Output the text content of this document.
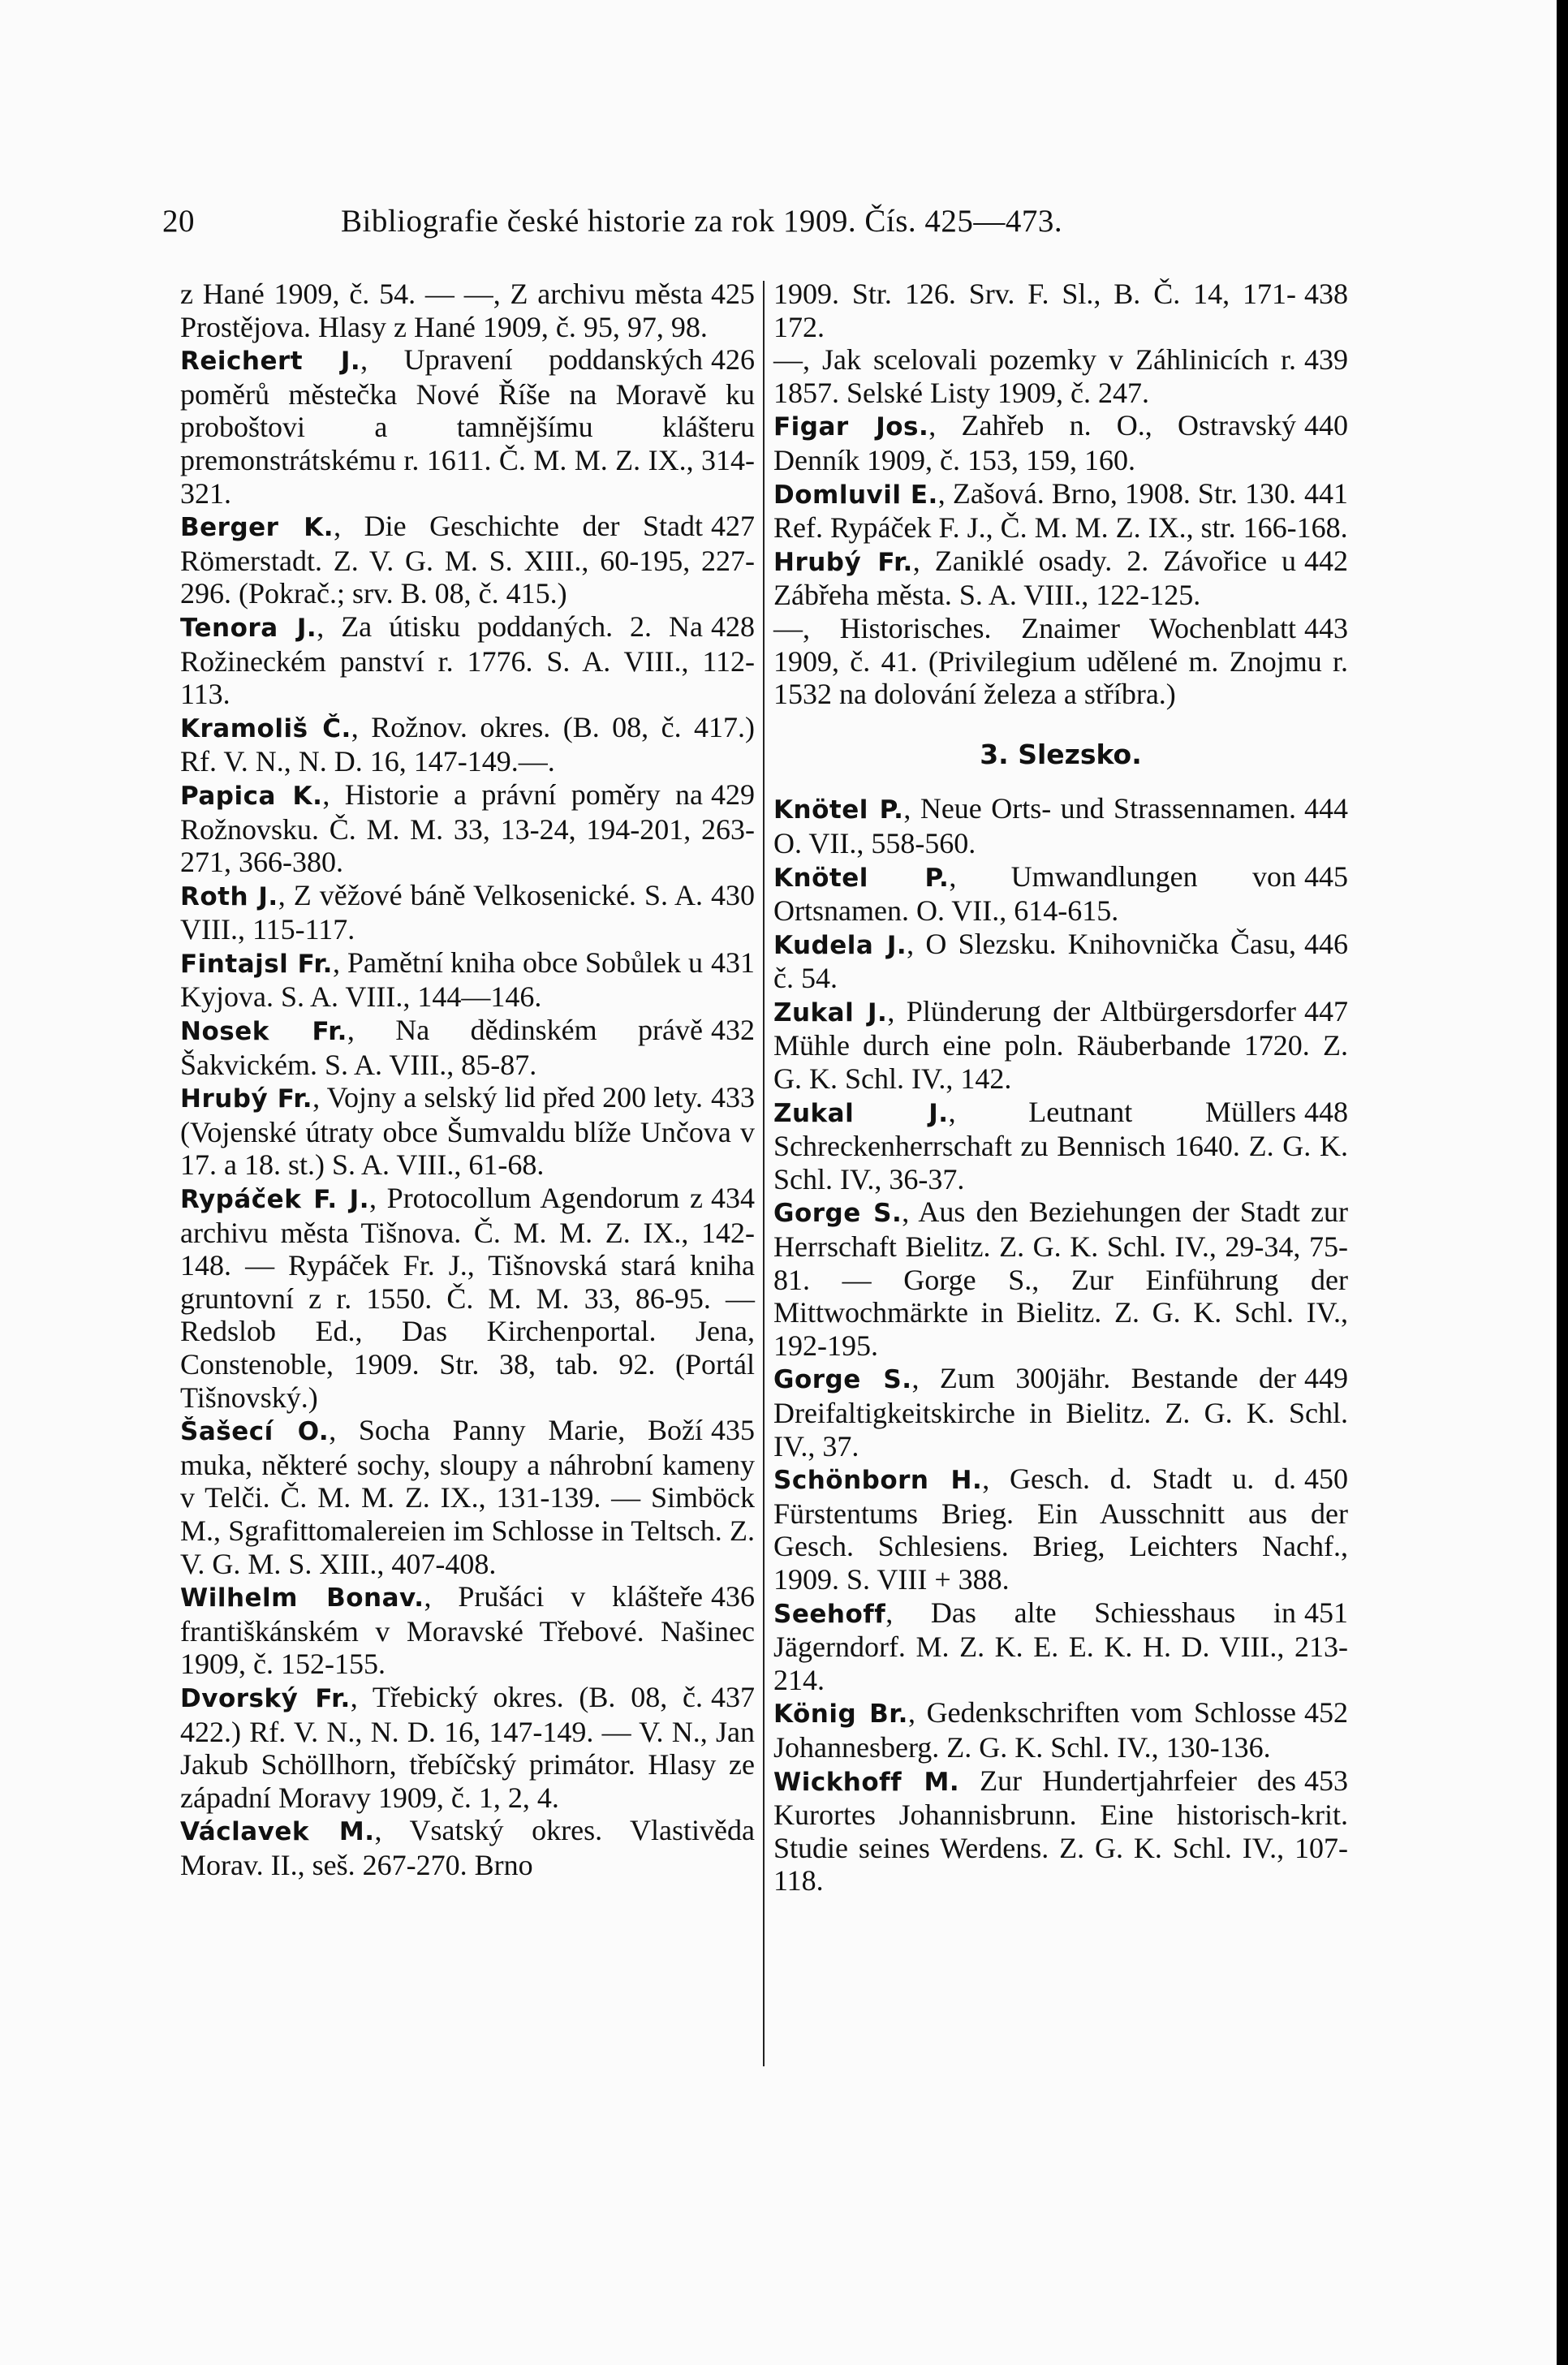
20	Bibliografie české historie za rok 1909. Čís. 425—473.
425
z Hané 1909, č. 54. — —, Z archivu města Prostějova. Hlasy z Hané 1909, č. 95, 97, 98.
426
Reichert J., Upravení poddanských poměrů městečka Nové Říše na Moravě ku proboštovi a tamnějšímu klášteru premonstrátskému r. 1611. Č. M. M. Z. IX., 314-321.
427
Berger K., Die Geschichte der Stadt Römerstadt. Z. V. G. M. S. XIII., 60-195, 227-296. (Pokrač.; srv. B. 08, č. 415.)
428
Tenora J., Za útisku poddaných. 2. Na Rožineckém panství r. 1776. S. A. VIII., 112-113.
Kramoliš Č., Rožnov. okres. (B. 08, č. 417.) Rf. V. N., N. D. 16, 147-149.—.
429
Papica K., Historie a právní poměry na Rožnovsku. Č. M. M. 33, 13-24, 194-201, 263-271, 366-380.
430
Roth J., Z věžové báně Velkosenické. S. A. VIII., 115-117.
431
Fintajsl Fr., Pamětní kniha obce Sobůlek u Kyjova. S. A. VIII., 144—146.
432
Nosek Fr., Na dědinském právě Šakvickém. S. A. VIII., 85-87.
433
Hrubý Fr., Vojny a selský lid před 200 lety. (Vojenské útraty obce Šumvaldu blíže Unčova v 17. a 18. st.) S. A. VIII., 61-68.
434
Rypáček F. J., Protocollum Agendorum z archivu města Tišnova. Č. M. M. Z. IX., 142-148. — Rypáček Fr. J., Tišnovská stará kniha gruntovní z r. 1550. Č. M. M. 33, 86-95. — Redslob Ed., Das Kirchenportal. Jena, Constenoble, 1909. Str. 38, tab. 92. (Portál Tišnovský.)
435
Šašecí O., Socha Panny Marie, Boží muka, některé sochy, sloupy a náhrobní kameny v Telči. Č. M. M. Z. IX., 131-139. — Simböck M., Sgrafittomalereien im Schlosse in Teltsch. Z. V. G. M. S. XIII., 407-408.
436
Wilhelm Bonav., Prušáci v klášteře františkánském v Moravské Třebové. Našinec 1909, č. 152-155.
437
Dvorský Fr., Třebický okres. (B. 08, č. 422.) Rf. V. N., N. D. 16, 147-149. — V. N., Jan Jakub Schöllhorn, třebíčský primátor. Hlasy ze západní Moravy 1909, č. 1, 2, 4.
Václavek M., Vsatský okres. Vlastivěda Morav. II., seš. 267-270. Brno
438
1909. Str. 126. Srv. F. Sl., B. Č. 14, 171-172.
439
—, Jak scelovali pozemky v Záhlinicích r. 1857. Selské Listy 1909, č. 247.
440
Figar Jos., Zahřeb n. O., Ostravský Denník 1909, č. 153, 159, 160.
441
Domluvil E., Zašová. Brno, 1908. Str. 130. Ref. Rypáček F. J., Č. M. M. Z. IX., str. 166-168.
442
Hrubý Fr., Zaniklé osady. 2. Závořice u Zábřeha města. S. A. VIII., 122-125.
443
—, Historisches. Znaimer Wochenblatt 1909, č. 41. (Privilegium udělené m. Znojmu r. 1532 na dolování železa a stříbra.)
3. Slezsko.
444
Knötel P., Neue Orts- und Strassennamen. O. VII., 558-560.
445
Knötel P., Umwandlungen von Ortsnamen. O. VII., 614-615.
446
Kudela J., O Slezsku. Knihovnička Času, č. 54.
447
Zukal J., Plünderung der Altbürgersdorfer Mühle durch eine poln. Räuberbande 1720. Z. G. K. Schl. IV., 142.
448
Zukal J., Leutnant Müllers Schreckenherrschaft zu Bennisch 1640. Z. G. K. Schl. IV., 36-37.
Gorge S., Aus den Beziehungen der Stadt zur Herrschaft Bielitz. Z. G. K. Schl. IV., 29-34, 75-81. — Gorge S., Zur Einführung der Mittwochmärkte in Bielitz. Z. G. K. Schl. IV., 192-195.
449
Gorge S., Zum 300jähr. Bestande der Dreifaltigkeitskirche in Bielitz. Z. G. K. Schl. IV., 37.
450
Schönborn H., Gesch. d. Stadt u. d. Fürstentums Brieg. Ein Ausschnitt aus der Gesch. Schlesiens. Brieg, Leichters Nachf., 1909. S. VIII + 388.
451
Seehoff, Das alte Schiesshaus in Jägerndorf. M. Z. K. E. E. K. H. D. VIII., 213-214.
452
König Br., Gedenkschriften vom Schlosse Johannesberg. Z. G. K. Schl. IV., 130-136.
453
Wickhoff M. Zur Hundertjahrfeier des Kurortes Johannisbrunn. Eine historisch-krit. Studie seines Werdens. Z. G. K. Schl. IV., 107-118.
